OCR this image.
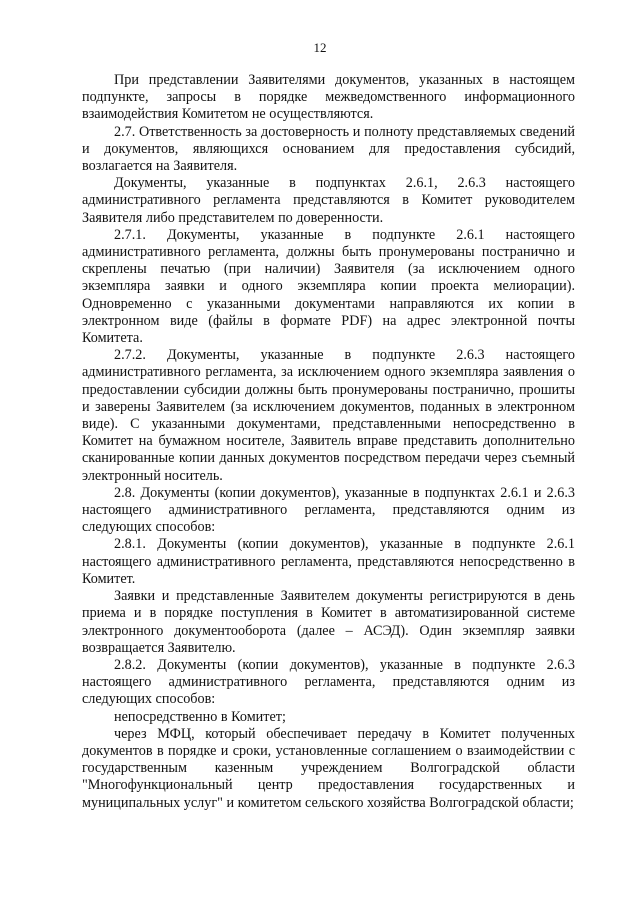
12

При представлении Заявителями документов, указанных в настоящем подпункте, запросы в порядке межведомственного информационного взаимодействия Комитетом не осуществляются.

2.7. Ответственность за достоверность и полноту представляемых сведений и документов, являющихся основанием для предоставления субсидий, возлагается на Заявителя.

Документы, указанные в подпунктах 2.6.1, 2.6.3 настоящего административного регламента представляются в Комитет руководителем Заявителя либо представителем по доверенности.

2.7.1. Документы, указанные в подпункте 2.6.1 настоящего административного регламента, должны быть пронумерованы постранично и скреплены печатью (при наличии) Заявителя (за исключением одного экземпляра заявки и одного экземпляра копии проекта мелиорации). Одновременно с указанными документами направляются их копии в электронном виде (файлы в формате PDF) на адрес электронной почты Комитета.

2.7.2. Документы, указанные в подпункте 2.6.3 настоящего административного регламента, за исключением одного экземпляра заявления о предоставлении субсидии должны быть пронумерованы постранично, прошиты и заверены Заявителем (за исключением документов, поданных в электронном виде). С указанными документами, представленными непосредственно в Комитет на бумажном носителе, Заявитель вправе представить дополнительно сканированные копии данных документов посредством передачи через съемный электронный носитель.

2.8. Документы (копии документов), указанные в подпунктах 2.6.1 и 2.6.3 настоящего административного регламента, представляются одним из следующих способов:

2.8.1. Документы (копии документов), указанные в подпункте 2.6.1 настоящего административного регламента, представляются непосредственно в Комитет.

Заявки и представленные Заявителем документы регистрируются в день приема и в порядке поступления в Комитет в автоматизированной системе электронного документооборота (далее – АСЭД). Один экземпляр заявки возвращается Заявителю.

2.8.2. Документы (копии документов), указанные в подпункте 2.6.3 настоящего административного регламента, представляются одним из следующих способов:

непосредственно в Комитет;

через МФЦ, который обеспечивает передачу в Комитет полученных документов в порядке и сроки, установленные соглашением о взаимодействии с государственным казенным учреждением Волгоградской области "Многофункциональный центр предоставления государственных и муниципальных услуг" и комитетом сельского хозяйства Волгоградской области;
